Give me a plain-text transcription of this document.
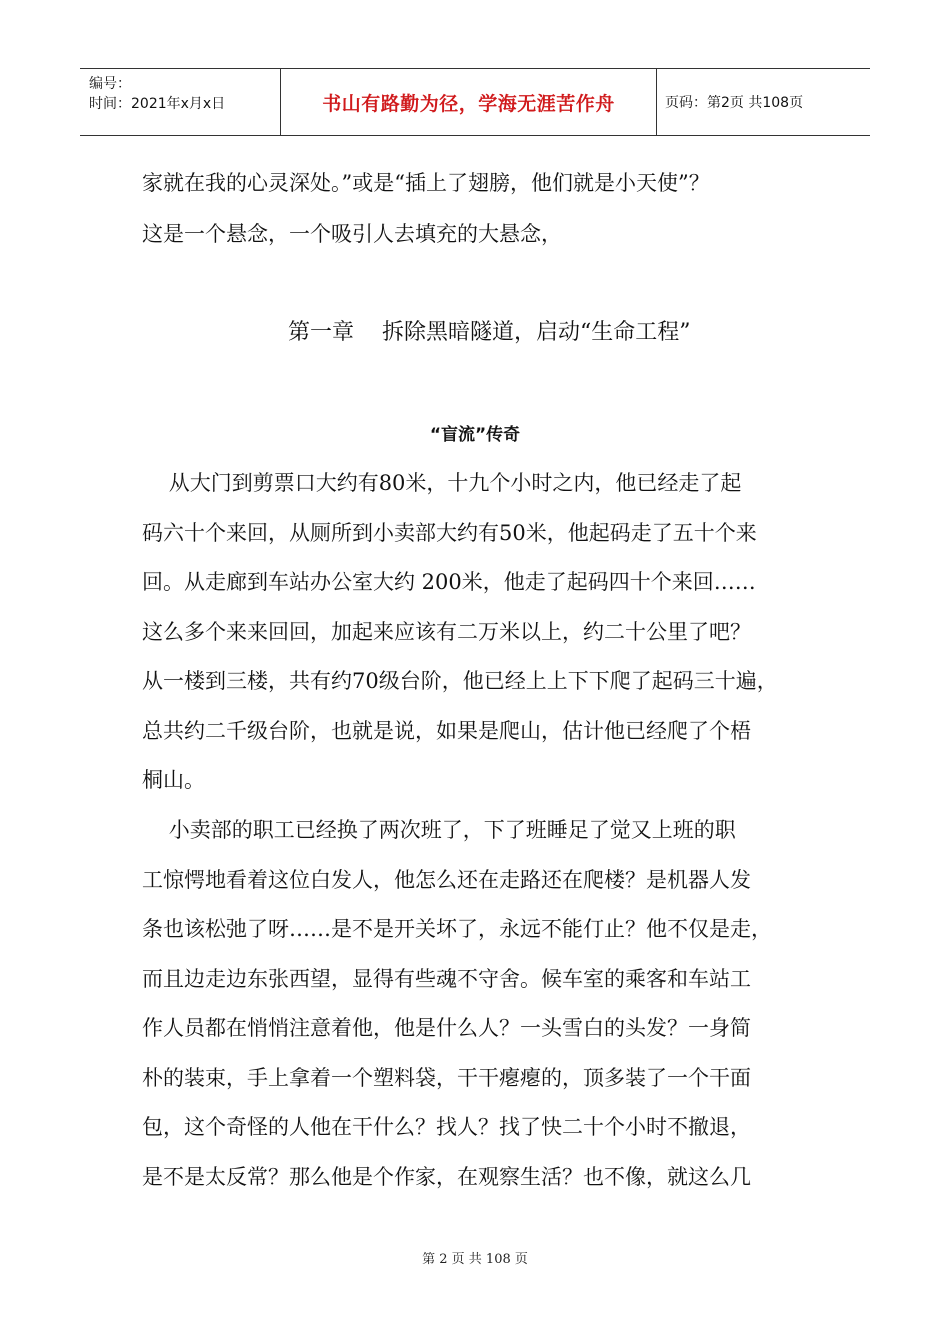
编号：
时间：2021年x月x日	书山有路勤为径，学海无涯苦作舟	页码：第2页 共108页
家就在我的心灵深处。”或是“插上了翅膀，他们就是小天使”？
这是一个悬念，一个吸引人去填充的大悬念，
第一章    拆除黑暗隧道，启动“生命工程”
“盲流”传奇
从大门到剪票口大约有80米，十九个小时之内，他已经走了起
码六十个来回，从厕所到小卖部大约有50米，他起码走了五十个来
回。从走廊到车站办公室大约 200米，他走了起码四十个来回……
这么多个来来回回，加起来应该有二万米以上，约二十公里了吧？
从一楼到三楼，共有约70级台阶，他已经上上下下爬了起码三十遍，
总共约二千级台阶，也就是说，如果是爬山，估计他已经爬了个梧
桐山。
小卖部的职工已经换了两次班了，下了班睡足了觉又上班的职
工惊愕地看着这位白发人，他怎么还在走路还在爬楼？是机器人发
条也该松弛了呀……是不是开关坏了，永远不能仃止？他不仅是走，
而且边走边东张西望，显得有些魂不守舍。候车室的乘客和车站工
作人员都在悄悄注意着他，他是什么人？一头雪白的头发？一身简
朴的装束，手上拿着一个塑料袋，干干瘪瘪的，顶多装了一个干面
包，这个奇怪的人他在干什么？找人？找了快二十个小时不撤退，
是不是太反常？那么他是个作家，在观察生活？也不像，就这么几
第 2 页 共 108 页
